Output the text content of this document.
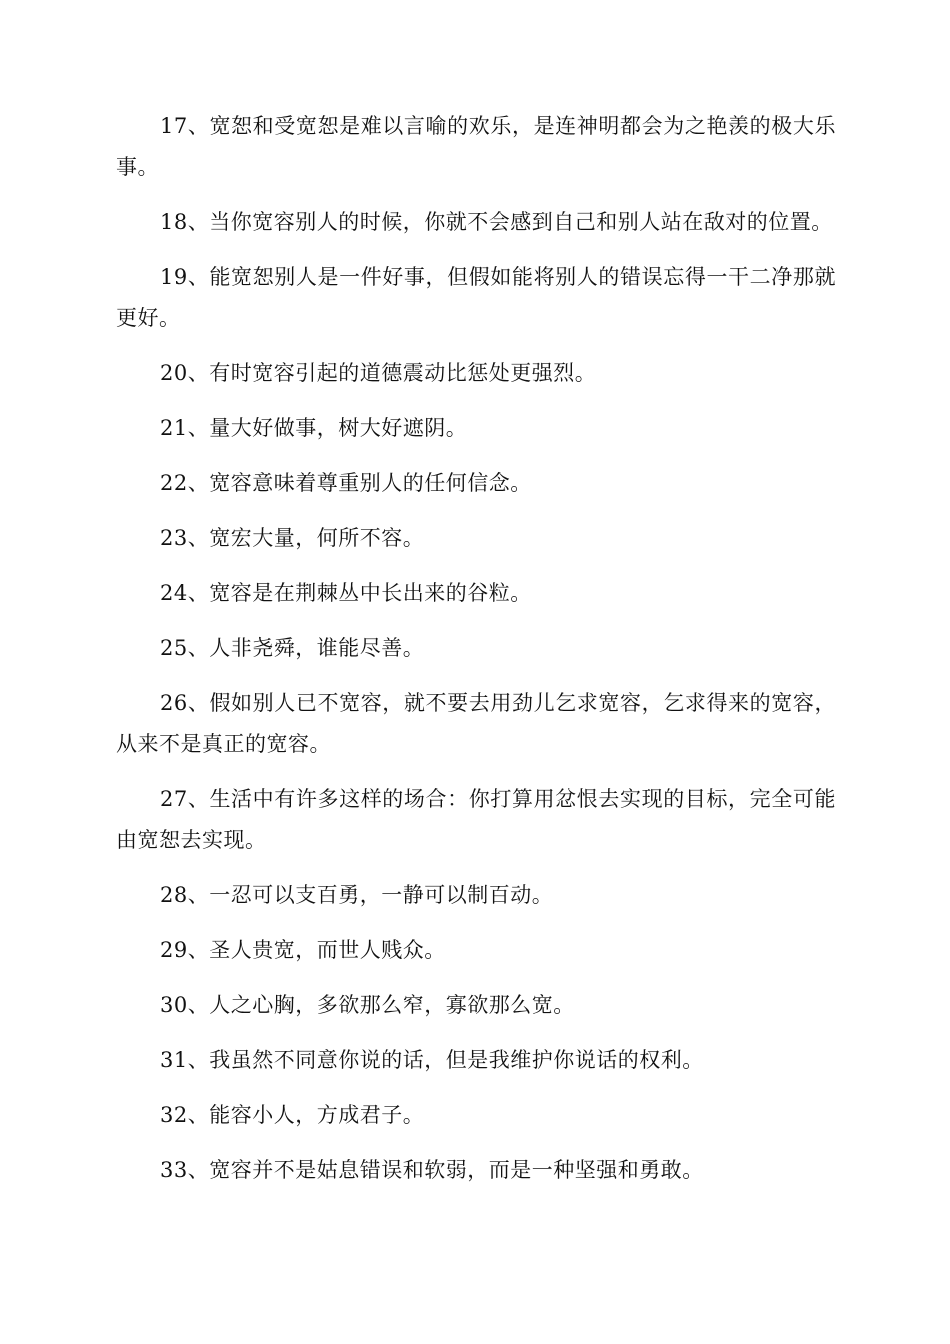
17、宽恕和受宽恕是难以言喻的欢乐，是连神明都会为之艳羡的极大乐事。

18、当你宽容别人的时候，你就不会感到自己和别人站在敌对的位置。

19、能宽恕别人是一件好事，但假如能将别人的错误忘得一干二净那就更好。

20、有时宽容引起的道德震动比惩处更强烈。

21、量大好做事，树大好遮阴。

22、宽容意味着尊重别人的任何信念。

23、宽宏大量，何所不容。

24、宽容是在荆棘丛中长出来的谷粒。

25、人非尧舜，谁能尽善。

26、假如别人已不宽容，就不要去用劲儿乞求宽容，乞求得来的宽容，从来不是真正的宽容。

27、生活中有许多这样的场合：你打算用忿恨去实现的目标，完全可能由宽恕去实现。

28、一忍可以支百勇，一静可以制百动。

29、圣人贵宽，而世人贱众。

30、人之心胸，多欲那么窄，寡欲那么宽。

31、我虽然不同意你说的话，但是我维护你说话的权利。

32、能容小人，方成君子。

33、宽容并不是姑息错误和软弱，而是一种坚强和勇敢。
